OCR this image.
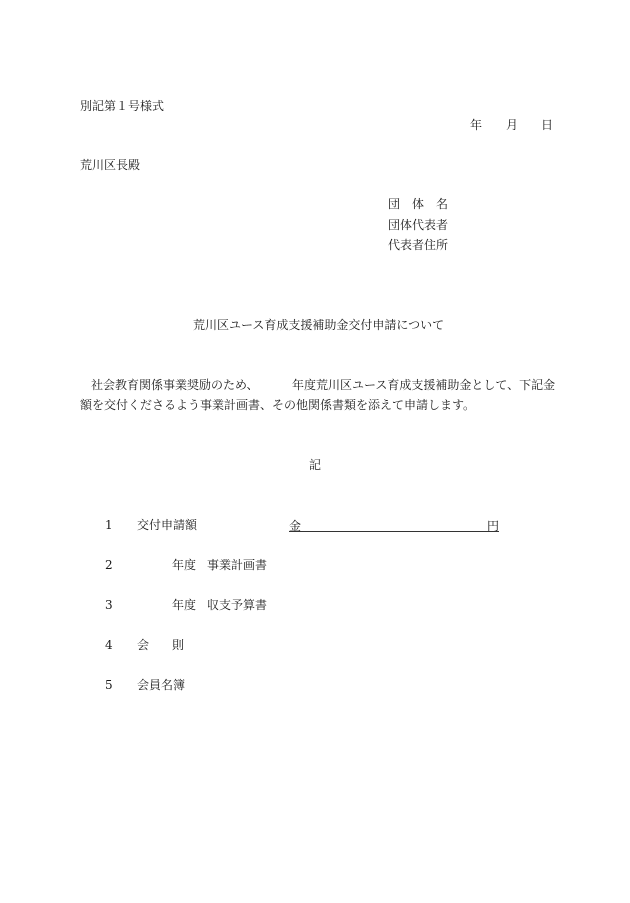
別記第１号様式
年 月 日
荒川区長殿
団　体　名
団体代表者
代表者住所
荒川区ユース育成支援補助金交付申請について
社会教育関係事業奨励のため、	年度荒川区ユース育成支援補助金として、下記金
額を交付くださるよう事業計画書、その他関係書類を添えて申請します。
記
1 交付申請額	金	円
2	年度 事業計画書
3	年度 収支予算書
4 会 則
5 会員名簿
